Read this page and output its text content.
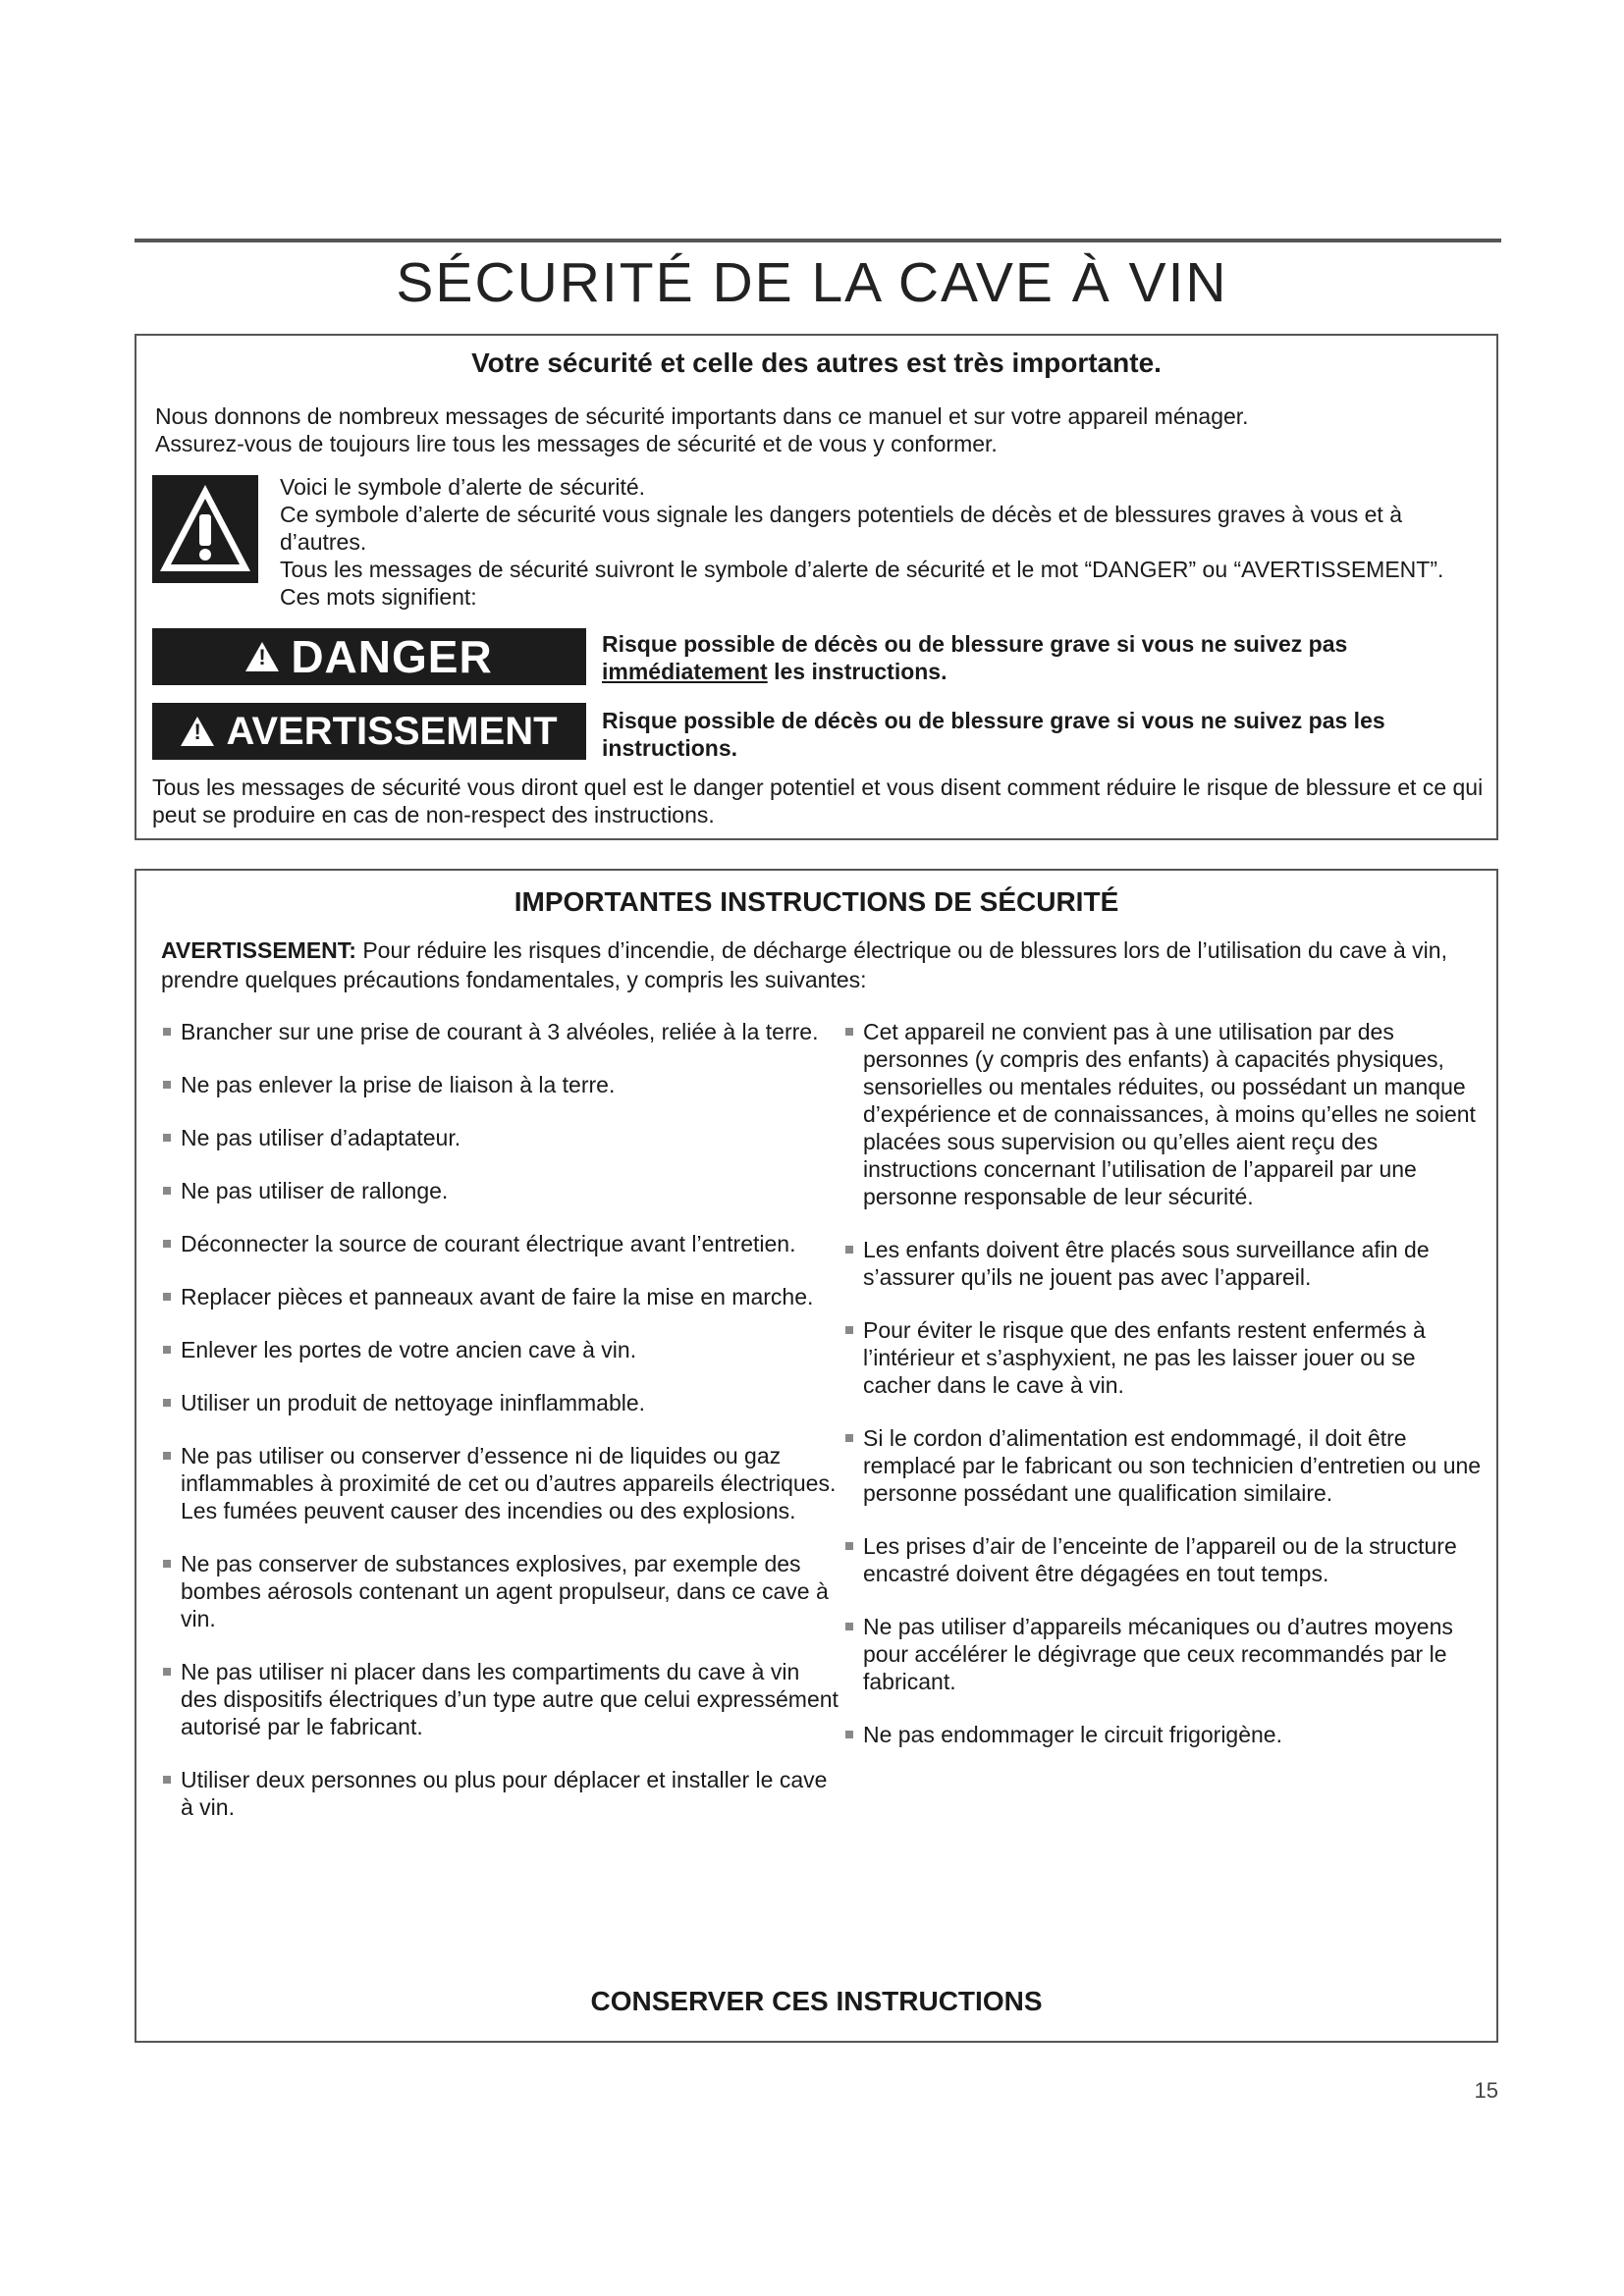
SÉCURITÉ DE LA CAVE À VIN
Votre sécurité et celle des autres est très importante.
Nous donnons de nombreux messages de sécurité importants dans ce manuel et sur votre appareil ménager.
Assurez-vous de toujours lire tous les messages de sécurité et de vous y conformer.
Voici le symbole d’alerte de sécurité.
Ce symbole d’alerte de sécurité vous signale les dangers potentiels de décès et de blessures graves à vous et à d’autres.
Tous les messages de sécurité suivront le symbole d’alerte de sécurité et le mot “DANGER” ou “AVERTISSEMENT”. Ces mots signifient:
!
DANGER	Risque possible de décès ou de blessure grave si vous ne suivez pas immédiatement les instructions.
!
AVERTISSEMENT Risque possible de décès ou de blessure grave si vous ne suivez pas les instructions.
Tous les messages de sécurité vous diront quel est le danger potentiel et vous disent comment réduire le risque de blessure et ce qui peut se produire en cas de non-respect des instructions.
IMPORTANTES INSTRUCTIONS DE SÉCURITÉ
AVERTISSEMENT: Pour réduire les risques d’incendie, de décharge électrique ou de blessures lors de l’utilisation du cave à vin, prendre quelques précautions fondamentales, y compris les suivantes:
Brancher sur une prise de courant à 3 alvéoles, reliée à la terre.
Ne pas enlever la prise de liaison à la terre.
Ne pas utiliser d’adaptateur.
Ne pas utiliser de rallonge.
Déconnecter la source de courant électrique avant l’entretien.
Replacer pièces et panneaux avant de faire la mise en marche.
Enlever les portes de votre ancien cave à vin.
Utiliser un produit de nettoyage ininflammable.
Ne pas utiliser ou conserver d’essence ni de liquides ou gaz inflammables à proximité de cet ou d’autres appareils électriques. Les fumées peuvent causer des incendies ou des explosions.
Ne pas conserver de substances explosives, par exemple des bombes aérosols contenant un agent propulseur, dans ce cave à vin.
Ne pas utiliser ni placer dans les compartiments du cave à vin des dispositifs électriques d’un type autre que celui expressément autorisé par le fabricant.
Utiliser deux personnes ou plus pour déplacer et installer le cave à vin.
Cet appareil ne convient pas à une utilisation par des personnes (y compris des enfants) à capacités physiques, sensorielles ou mentales réduites, ou possédant un manque d’expérience et de connaissances, à moins qu’elles ne soient placées sous supervision ou qu’elles aient reçu des instructions concernant l’utilisation de l’appareil par une personne responsable de leur sécurité.
Les enfants doivent être placés sous surveillance afin de s’assurer qu’ils ne jouent pas avec l’appareil.
Pour éviter le risque que des enfants restent enfermés à l’intérieur et s’asphyxient, ne pas les laisser jouer ou se cacher dans le cave à vin.
Si le cordon d’alimentation est endommagé, il doit être remplacé par le fabricant ou son technicien d’entretien ou une personne possédant une qualification similaire.
Les prises d’air de l’enceinte de l’appareil ou de la structure encastré doivent être dégagées en tout temps.
Ne pas utiliser d’appareils mécaniques ou d’autres moyens pour accélérer le dégivrage que ceux recommandés par le fabricant.
Ne pas endommager le circuit frigorigène.
CONSERVER CES INSTRUCTIONS
15
